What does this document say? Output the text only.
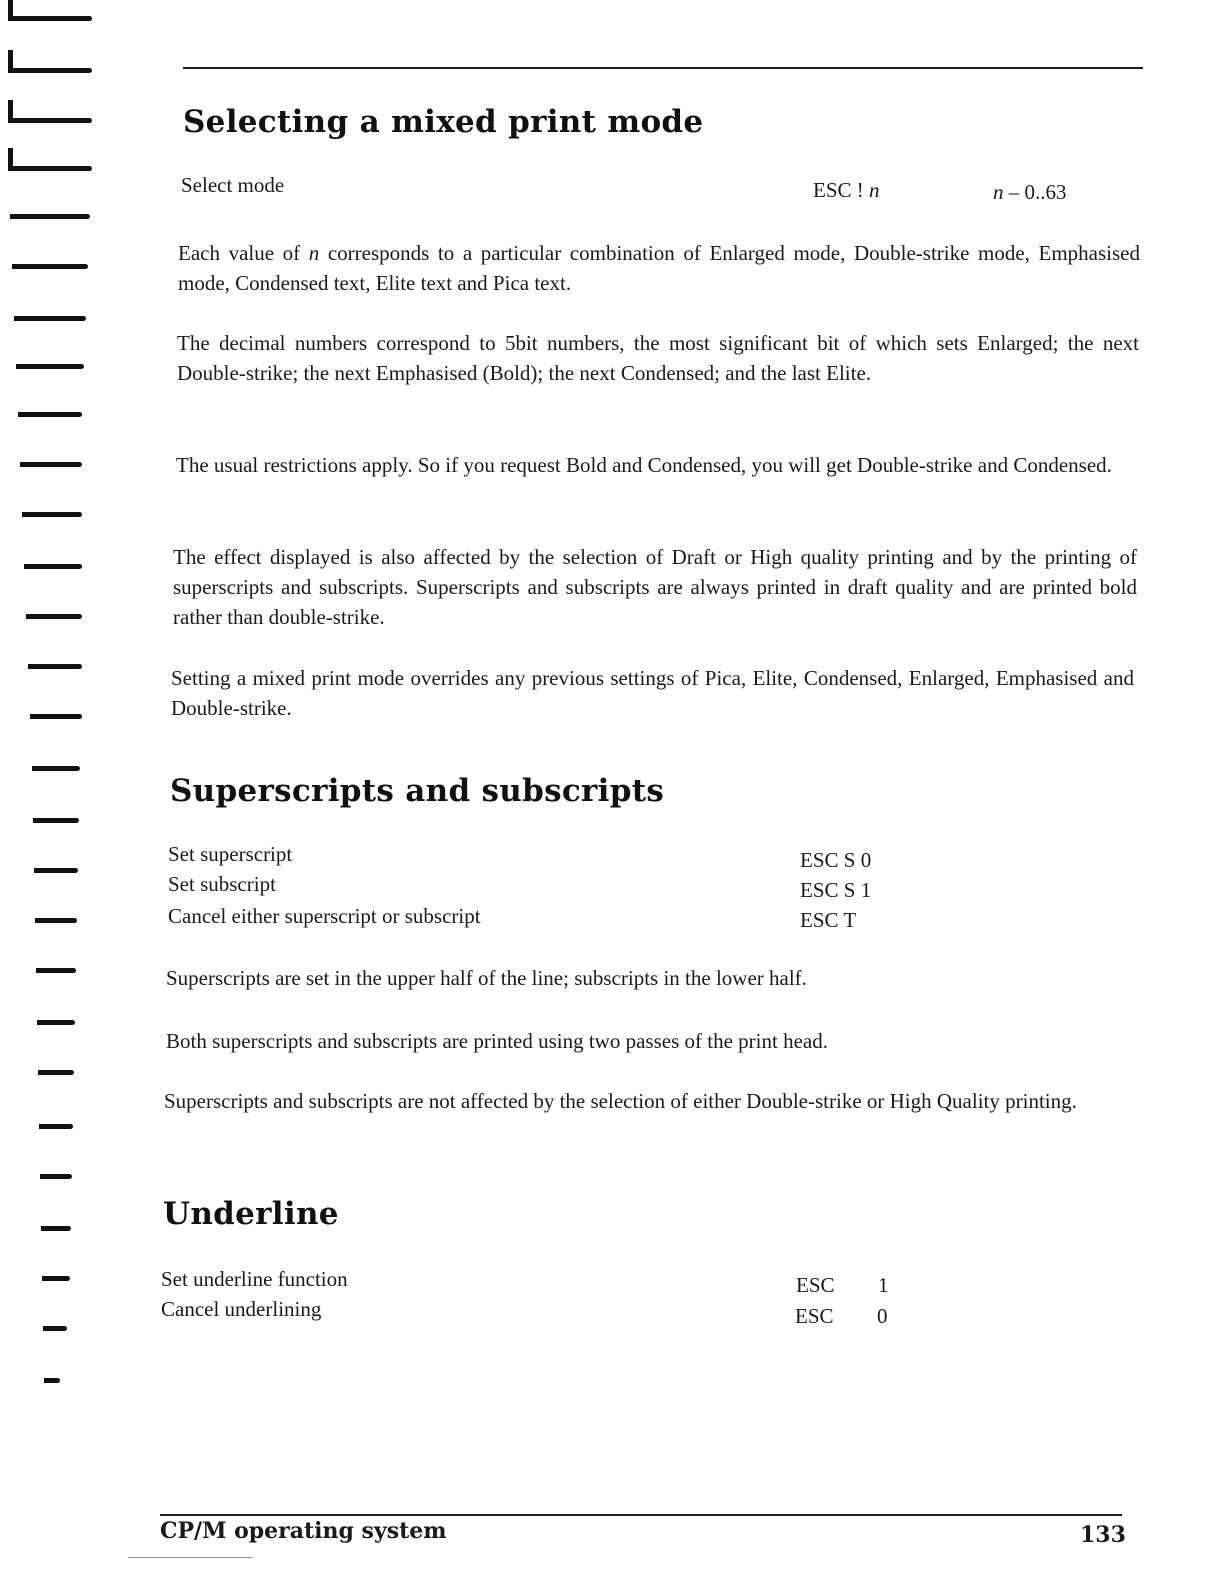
Selecting a mixed print mode
Select mode	ESC ! n	n – 0..63

Each value of n corresponds to a particular combination of Enlarged mode, Double-strike mode, Emphasised mode, Condensed text, Elite text and Pica text.

The decimal numbers correspond to 5bit numbers, the most significant bit of which sets Enlarged; the next Double-strike; the next Emphasised (Bold); the next Condensed; and the last Elite.

The usual restrictions apply. So if you request Bold and Condensed, you will get Double-strike and Condensed.

The effect displayed is also affected by the selection of Draft or High quality printing and by the printing of superscripts and subscripts. Superscripts and subscripts are always printed in draft quality and are printed bold rather than double-strike.

Setting a mixed print mode overrides any previous settings of Pica, Elite, Condensed, Enlarged, Emphasised and Double-strike.

Superscripts and subscripts
Set superscript	ESC S 0
Set subscript	ESC S 1
Cancel either superscript or subscript	ESC T

Superscripts are set in the upper half of the line; subscripts in the lower half.

Both superscripts and subscripts are printed using two passes of the print head.

Superscripts and subscripts are not affected by the selection of either Double-strike or High Quality printing.

Underline
Set underline function	ESC 1
Cancel underlining	ESC 0
CP/M operating system	133
